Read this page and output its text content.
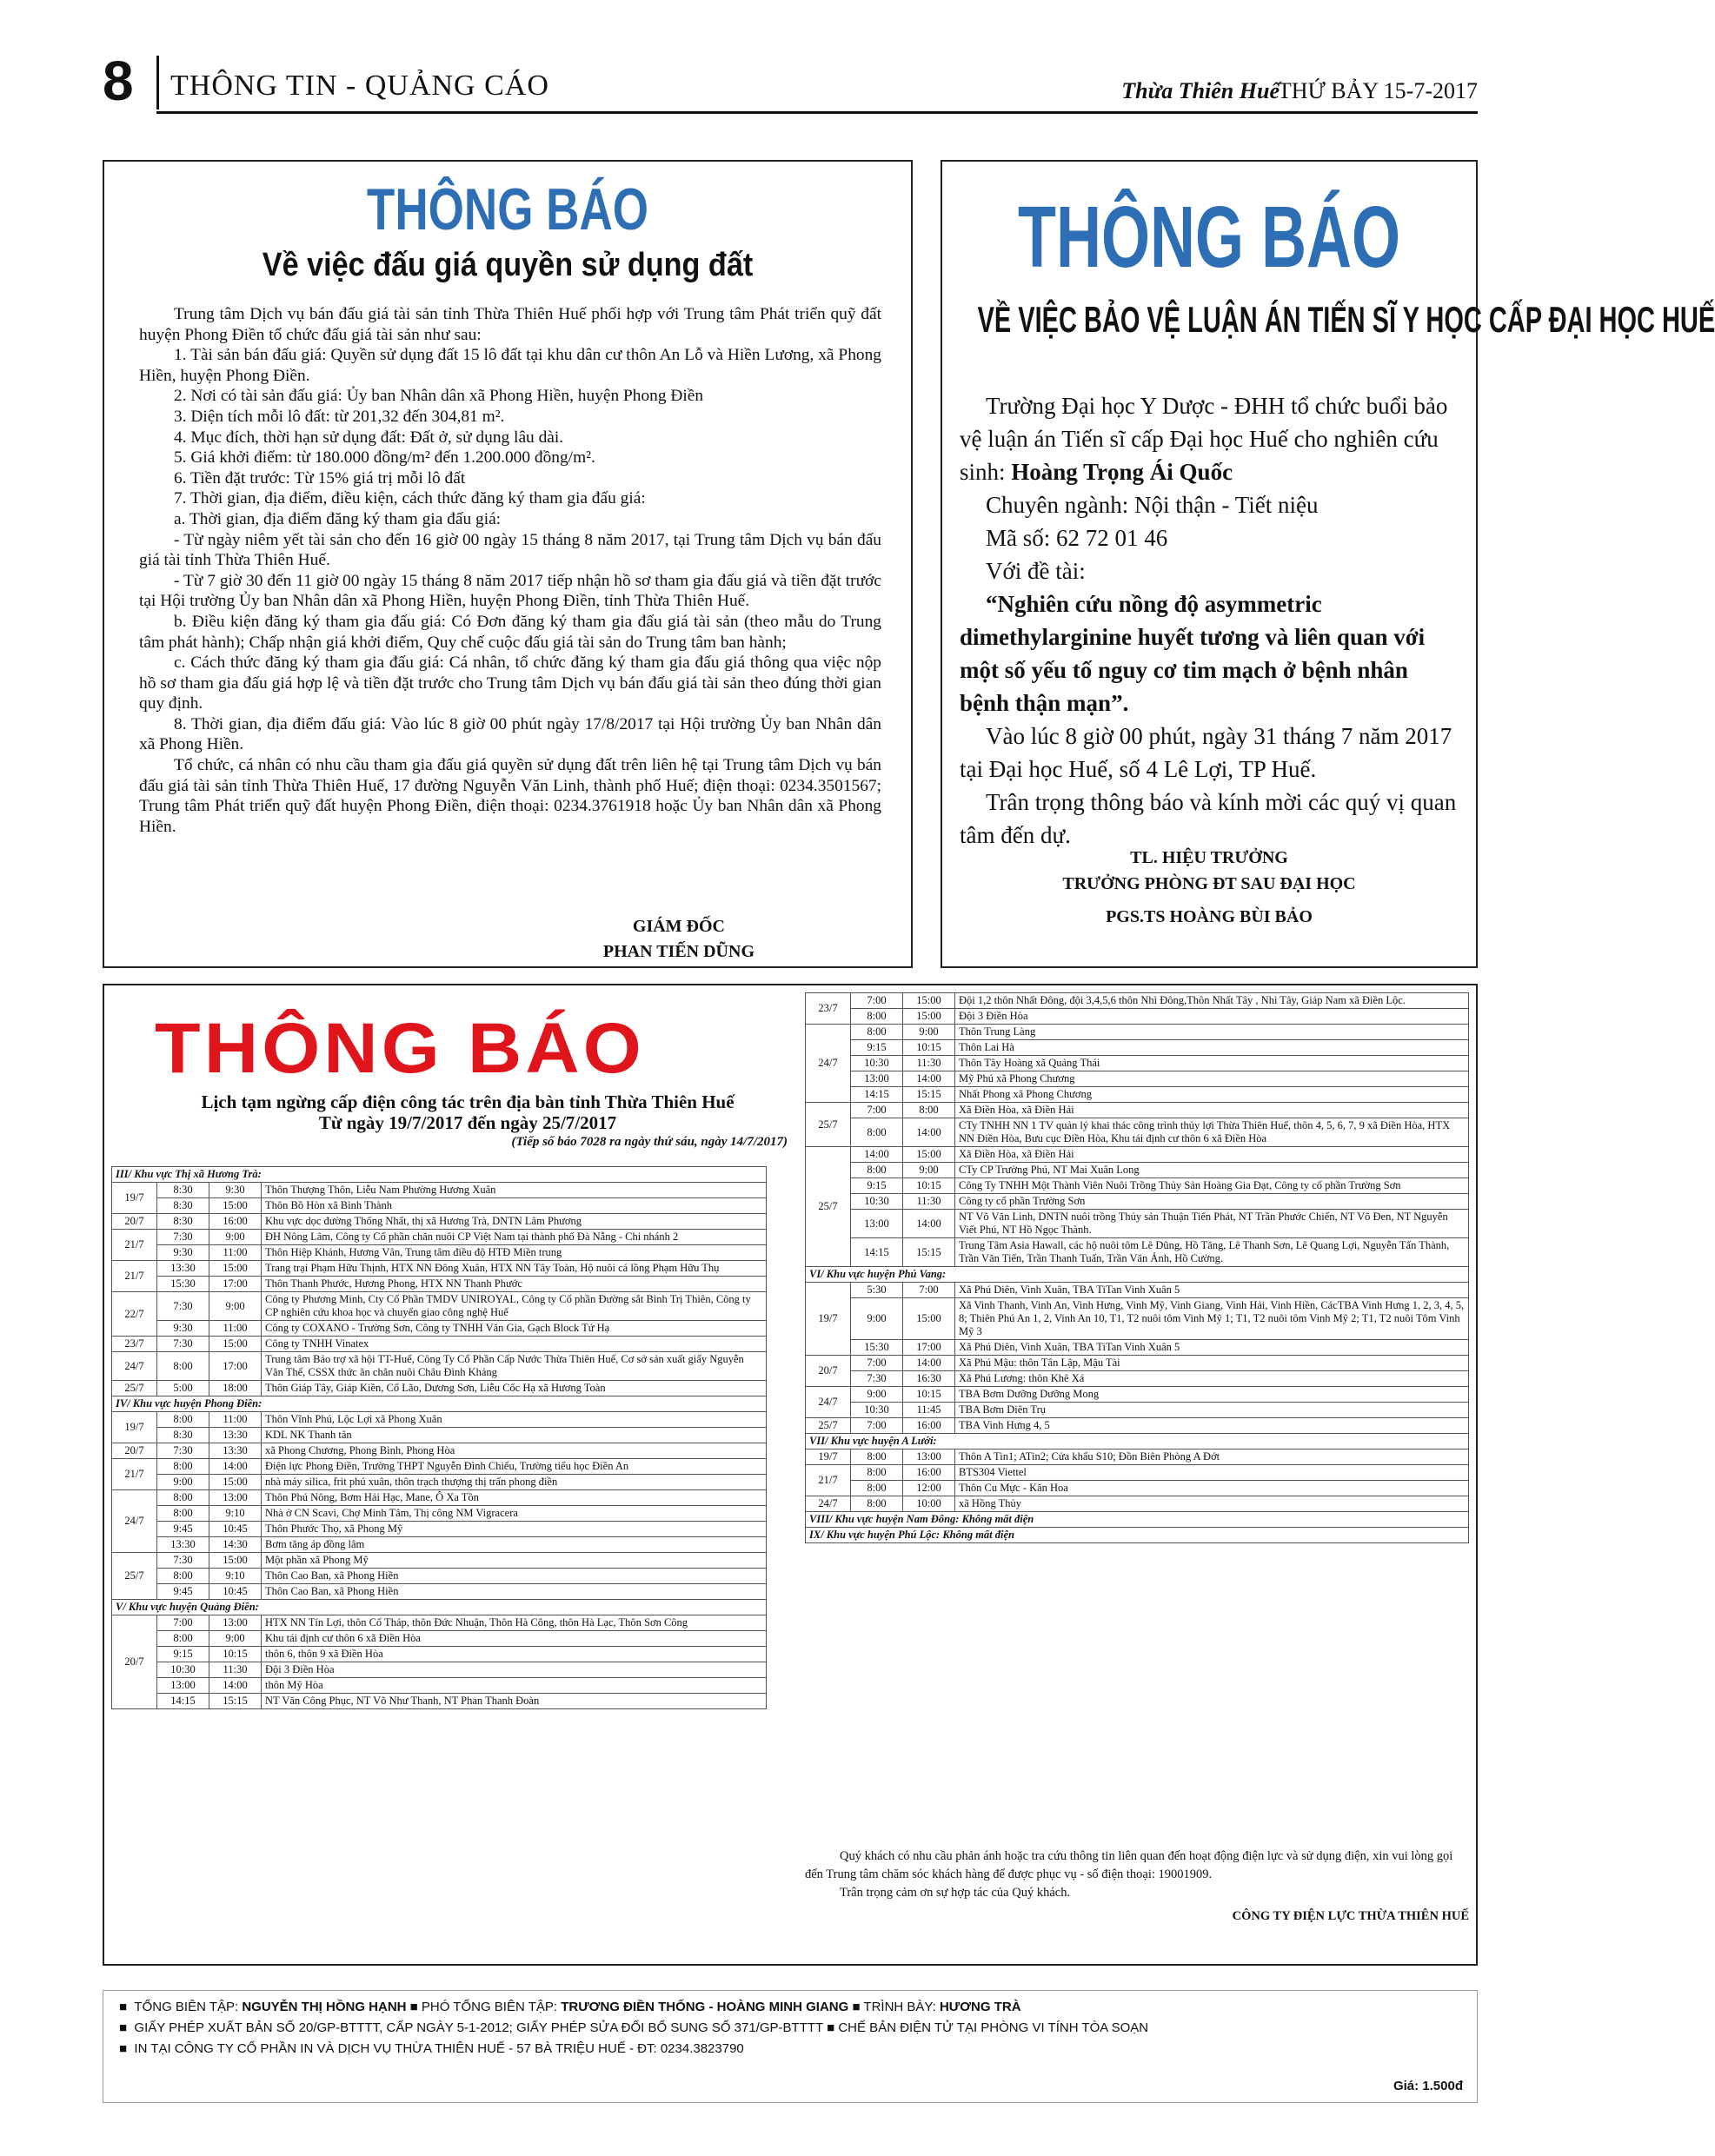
8 THÔNG TIN - QUẢNG CÁO	Thừa Thiên Huế
THỨ BẢY 15-7-2017
THÔNG BÁO
Về việc đấu giá quyền sử dụng đất

Trung tâm Dịch vụ bán đấu giá tài sản tỉnh Thừa Thiên Huế phối hợp với Trung tâm Phát triển quỹ đất huyện Phong Điền tổ chức đấu giá tài sản như sau:

1. Tài sản bán đấu giá: Quyền sử dụng đất 15 lô đất tại khu dân cư thôn An Lỗ và Hiền Lương, xã Phong Hiền, huyện Phong Điền.

2. Nơi có tài sản đấu giá: Ủy ban Nhân dân xã Phong Hiền, huyện Phong Điền

3. Diện tích mỗi lô đất: từ 201,32 đến 304,81 m².

4. Mục đích, thời hạn sử dụng đất: Đất ở, sử dụng lâu dài.

5. Giá khởi điểm: từ 180.000 đồng/m² đến 1.200.000 đồng/m².

6. Tiền đặt trước: Từ 15% giá trị mỗi lô đất

7. Thời gian, địa điểm, điều kiện, cách thức đăng ký tham gia đấu giá:

a. Thời gian, địa điểm đăng ký tham gia đấu giá:

- Từ ngày niêm yết tài sản cho đến 16 giờ 00 ngày 15 tháng 8 năm 2017, tại Trung tâm Dịch vụ bán đấu giá tài tỉnh Thừa Thiên Huế.

- Từ 7 giờ 30 đến 11 giờ 00 ngày 15 tháng 8 năm 2017 tiếp nhận hồ sơ tham gia đấu giá và tiền đặt trước tại Hội trường Ủy ban Nhân dân xã Phong Hiền, huyện Phong Điền, tỉnh Thừa Thiên Huế.

b. Điều kiện đăng ký tham gia đấu giá: Có Đơn đăng ký tham gia đấu giá tài sản (theo mẫu do Trung tâm phát hành); Chấp nhận giá khởi điểm, Quy chế cuộc đấu giá tài sản do Trung tâm ban hành;

c. Cách thức đăng ký tham gia đấu giá: Cá nhân, tổ chức đăng ký tham gia đấu giá thông qua việc nộp hồ sơ tham gia đấu giá hợp lệ và tiền đặt trước cho Trung tâm Dịch vụ bán đấu giá tài sản theo đúng thời gian quy định.

8. Thời gian, địa điểm đấu giá: Vào lúc 8 giờ 00 phút ngày 17/8/2017 tại Hội trường Ủy ban Nhân dân xã Phong Hiền.

Tổ chức, cá nhân có nhu cầu tham gia đấu giá quyền sử dụng đất trên liên hệ tại Trung tâm Dịch vụ bán đấu giá tài sản tỉnh Thừa Thiên Huế, 17 đường Nguyễn Văn Linh, thành phố Huế; điện thoại: 0234.3501567; Trung tâm Phát triển quỹ đất huyện Phong Điền, điện thoại: 0234.3761918 hoặc Ủy ban Nhân dân xã Phong Hiền.

GIÁM ĐỐC
PHAN TIẾN DŨNG
THÔNG BÁO
VỀ VIỆC BẢO VỆ LUẬN ÁN TIẾN SĨ Y HỌC CẤP ĐẠI HỌC HUẾ

Trường Đại học Y Dược - ĐHH tổ chức buổi bảo vệ luận án Tiến sĩ cấp Đại học Huế cho nghiên cứu sinh: Hoàng Trọng Ái Quốc

Chuyên ngành: Nội thận - Tiết niệu

Mã số: 62 72 01 46

Với đề tài:

“Nghiên cứu nồng độ asymmetric dimethylarginine huyết tương và liên quan với một số yếu tố nguy cơ tim mạch ở bệnh nhân bệnh thận mạn”.

Vào lúc 8 giờ 00 phút, ngày 31 tháng 7 năm 2017 tại Đại học Huế, số 4 Lê Lợi, TP Huế.

Trân trọng thông báo và kính mời các quý vị quan tâm đến dự.

TL. HIỆU TRƯỞNG
TRƯỞNG PHÒNG ĐT SAU ĐẠI HỌC
PGS.TS HOÀNG BÙI BẢO
THÔNG BÁO
Lịch tạm ngừng cấp điện công tác trên địa bàn tỉnh Thừa Thiên Huế
Từ ngày 19/7/2017 đến ngày 25/7/2017
(Tiếp số báo 7028 ra ngày thứ sáu, ngày 14/7/2017)
III/ Khu vực Thị xã Hương Trà:			
19/7	8:30	9:30	Thôn Thượng Thôn, Liễu Nam Phường Hương Xuân
	8:30	15:00	Thôn Bồ Hòn xã Bình Thành
20/7	8:30	16:00	Khu vực dọc đường Thống Nhất, thị xã Hương Trà, DNTN Lâm Phương
21/7	7:30	9:00	ĐH Nông Lâm, Công ty Cổ phần chăn nuôi CP Việt Nam tại thành phố Đà Nẵng - Chi nhánh 2
	9:30	11:00	Thôn Hiệp Khánh, Hương Vân, Trung tâm điều độ HTĐ Miền trung
21/7	13:30	15:00	Trang trại Phạm Hữu Thịnh, HTX NN Đông Xuân, HTX NN Tây Toàn, Hộ nuôi cá lồng Phạm Hữu Thụ
	15:30	17:00	Thôn Thanh Phước, Hương Phong, HTX NN Thanh Phước
22/7	7:30	9:00	Công ty Phương Minh, Cty Cổ Phần TMDV UNIROYAL, Công ty Cổ phần Đường sắt Bình Trị Thiên, Công ty CP nghiên cứu khoa học và chuyển giao công nghệ Huế
	9:30	11:00	Công ty COXANO - Trường Sơn, Công ty TNHH Văn Gia, Gạch Block Tứ Hạ
23/7	7:30	15:00	Công ty TNHH Vinatex
24/7	8:00	17:00	Trung tâm Bảo trợ xã hội TT-Huế, Công Ty Cổ Phần Cấp Nước Thừa Thiên Huế, Cơ sở sản xuất giấy Nguyễn Văn Thể, CSSX thức ăn chăn nuôi Châu Đình Khảng
25/7	5:00	18:00	Thôn Giáp Tây, Giáp Kiền, Cổ Lão, Dương Sơn, Liễu Cốc Hạ xã Hương Toàn
IV/ Khu vực huyện Phong Điền:			
19/7	8:00	11:00	Thôn Vĩnh Phú, Lộc Lợi xã Phong Xuân
	8:30	13:30	KDL NK Thanh tân
20/7	7:30	13:30	xã Phong Chương, Phong Bình, Phong Hòa
21/7	8:00	14:00	Điện lực Phong Điền, Trường THPT Nguyễn Đình Chiểu, Trường tiểu học Điền An
	9:00	15:00	nhà máy silica, frit phú xuân, thôn trạch thượng thị trấn phong điền
24/7	8:00	13:00	Thôn Phú Nông, Bơm Hải Hạc, Mane, Ô Xa Tồn
	8:00	9:10	Nhà ở CN Scavi, Chợ Minh Tâm, Thị công NM Vigracera
	9:45	10:45	Thôn Phước Thọ, xã Phong Mỹ
	13:30	14:30	Bơm tăng áp đồng lâm
25/7	7:30	15:00	Một phần xã Phong Mỹ
	8:00	9:10	Thôn Cao Ban, xã Phong Hiền
	9:45	10:45	Thôn Cao Ban, xã Phong Hiền
V/ Khu vực huyện Quảng Điền:			
20/7	7:00	13:00	HTX NN Tín Lợi, thôn Cổ Tháp, thôn Đức Nhuận, Thôn Hà Công, thôn Hà Lạc, Thôn Sơn Công
	8:00	9:00	Khu tái định cư thôn 6 xã Điền Hòa
	9:15	10:15	thôn 6, thôn 9 xã Điền Hòa
	10:30	11:30	Đội 3 Điền Hòa
	13:00	14:00	thôn Mỹ Hòa
	14:15	15:15	NT Văn Công Phục, NT Võ Như Thanh, NT Phan Thanh Đoàn
23/7	7:00	15:00	Đội 1,2 thôn Nhất Đông, đội 3,4,5,6 thôn Nhì Đông,Thôn Nhất Tây , Nhì Tây, Giáp Nam xã Điền Lộc.
	8:00	15:00	Đội 3 Điền Hòa
24/7	8:00	9:00	Thôn Trung Làng
	9:15	10:15	Thôn Lai Hà
	10:30	11:30	Thôn Tây Hoàng xã Quảng Thái
	13:00	14:00	Mỹ Phú xã Phong Chương
	14:15	15:15	Nhất Phong xã Phong Chương
25/7	7:00	8:00	Xã Điền Hòa, xã Điền Hải
	8:00	14:00	CTy TNHH NN 1 TV quản lý khai thác công trình thủy lợi Thừa Thiên Huế, thôn 4, 5, 6, 7, 9 xã Điền Hòa, HTX NN Điền Hòa, Bưu cục Điền Hòa, Khu tái định cư thôn 6 xã Điền Hòa
25/7	14:00	15:00	Xã Điền Hòa, xã Điền Hải
	8:00	9:00	CTy CP Trường Phú, NT Mai Xuân Long
	9:15	10:15	Công Ty TNHH Một Thành Viên Nuôi Trồng Thủy Sản Hoàng Gia Đạt, Công ty cổ phần Trường Sơn
	10:30	11:30	Công ty cổ phần Trường Sơn
	13:00	14:00	NT Võ Văn Linh, DNTN nuôi trồng Thủy sản Thuận Tiến Phát, NT Trần Phước Chiến, NT Võ Đen, NT Nguyễn Viết Phú, NT Hồ Ngọc Thành.
	14:15	15:15	Trung Tâm Asia Hawall, các hộ nuôi tôm Lê Dũng, Hồ Tăng, Lê Thanh Sơn, Lê Quang Lợi, Nguyễn Tấn Thành, Trần Văn Tiến, Trần Thanh Tuấn, Trần Văn Ảnh, Hồ Cường.
VI/ Khu vực huyện Phú Vang:			
19/7	5:30	7:00	Xã Phú Diên, Vinh Xuân, TBA TiTan Vinh Xuân 5
	9:00	15:00	Xã Vinh Thanh, Vinh An, Vinh Hưng, Vinh Mỹ, Vinh Giang, Vinh Hải, Vinh Hiền, CácTBA Vinh Hưng 1, 2, 3, 4, 5, 8; Thiên Phú An 1, 2, Vinh An 10, T1, T2 nuôi tôm Vinh Mỹ 1; T1, T2 nuôi tôm Vinh Mỹ 2; T1, T2 nuôi Tôm Vinh Mỹ 3
	15:30	17:00	Xã Phú Diên, Vinh Xuân, TBA TiTan Vinh Xuân 5
20/7	7:00	14:00	Xã Phú Mậu: thôn Tân Lập, Mậu Tài
	7:30	16:30	Xã Phú Lương: thôn Khê Xá
24/7	9:00	10:15	TBA Bơm Dưỡng Dưỡng Mong
	10:30	11:45	TBA Bơm Diên Trụ
25/7	7:00	16:00	TBA Vinh Hưng 4, 5
VII/ Khu vực huyện A Lưới:			
19/7	8:00	13:00	Thôn A Tin1; ATin2; Cửa khẩu S10; Đồn Biên Phòng A Đớt
21/7	8:00	16:00	BTS304 Viettel
	8:00	12:00	Thôn Cu Mực - Kăn Hoa
24/7	8:00	10:00	xã Hồng Thủy
VIII/ Khu vực huyện Nam Đông: Không mất điện			
IX/ Khu vực huyện Phú Lộc: Không mất điện			

Quý khách có nhu cầu phản ánh hoặc tra cứu thông tin liên quan đến hoạt động điện lực và sử dụng điện, xin vui lòng gọi đến Trung tâm chăm sóc khách hàng để được phục vụ - số điện thoại: 19001909.

Trân trọng cảm ơn sự hợp tác của Quý khách.

CÔNG TY ĐIỆN LỰC THỪA THIÊN HUẾ

■  TỔNG BIÊN TẬP: NGUYỄN THỊ HỒNG HẠNH ■ PHÓ TỔNG BIÊN TẬP: TRƯƠNG ĐIỀN THỐNG - HOÀNG MINH GIANG ■ TRÌNH BÀY: HƯƠNG TRÀ
■  GIẤY PHÉP XUẤT BẢN SỐ 20/GP-BTTTT, CẤP NGÀY 5-1-2012; GIẤY PHÉP SỬA ĐỔI BỔ SUNG SỐ 371/GP-BTTTT ■ CHẾ BẢN ĐIỆN TỬ TẠI PHÒNG VI TÍNH TÒA SOẠN
■  IN TẠI CÔNG TY CỔ PHẦN IN VÀ DỊCH VỤ THỪA THIÊN HUẾ - 57 BÀ TRIỆU HUẾ - ĐT: 0234.3823790
Giá: 1.500đ
